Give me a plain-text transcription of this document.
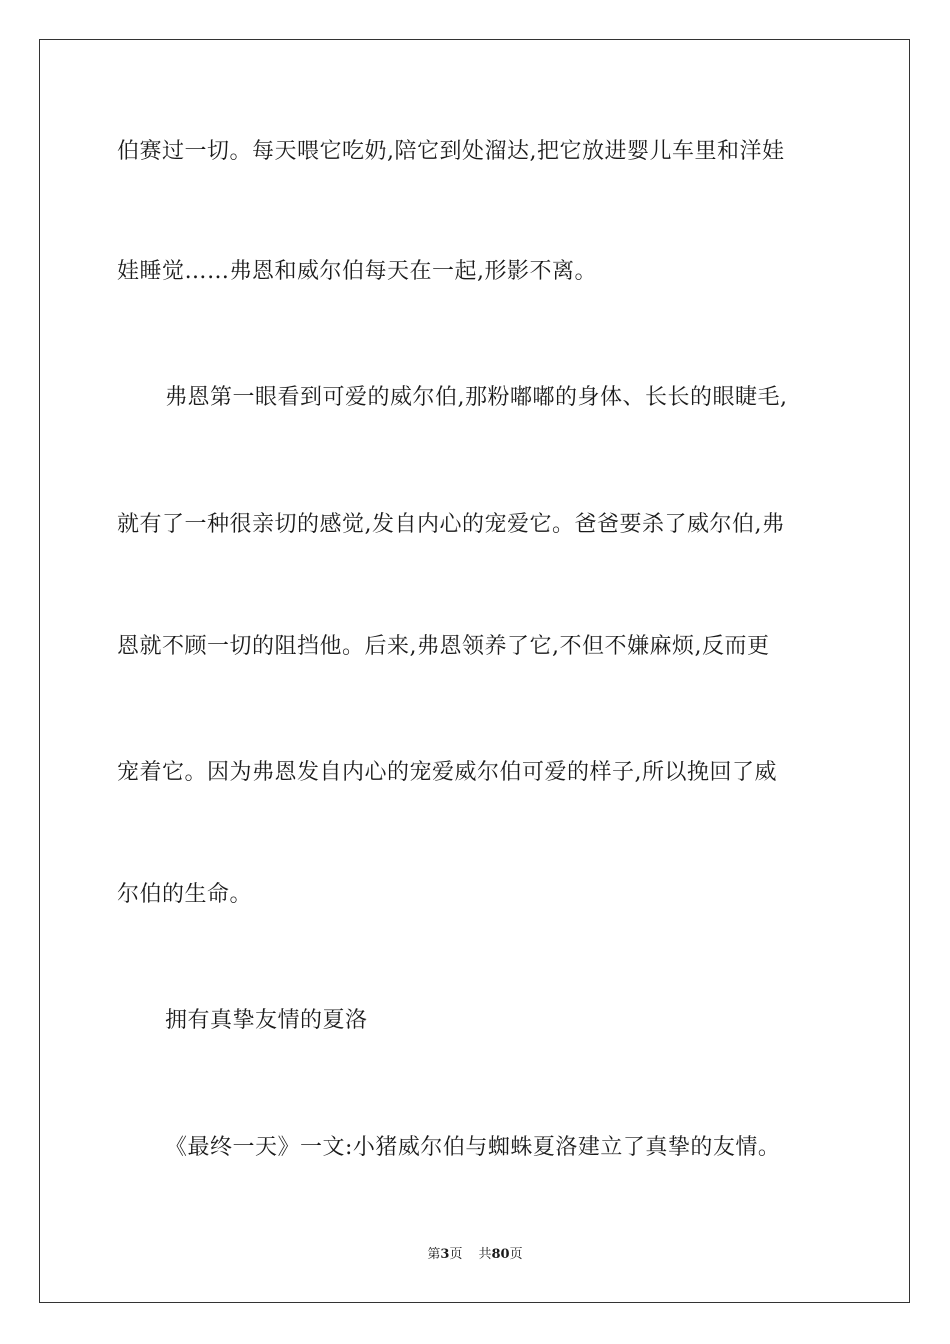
伯赛过一切。每天喂它吃奶,陪它到处溜达,把它放进婴儿车里和洋娃
娃睡觉……弗恩和威尔伯每天在一起,形影不离。
弗恩第一眼看到可爱的威尔伯,那粉嘟嘟的身体、长长的眼睫毛,
就有了一种很亲切的感觉,发自内心的宠爱它。爸爸要杀了威尔伯,弗
恩就不顾一切的阻挡他。后来,弗恩领养了它,不但不嫌麻烦,反而更
宠着它。因为弗恩发自内心的宠爱威尔伯可爱的样子,所以挽回了威
尔伯的生命。
拥有真挚友情的夏洛
《最终一天》一文:小猪威尔伯与蜘蛛夏洛建立了真挚的友情。
第3页 共80页
